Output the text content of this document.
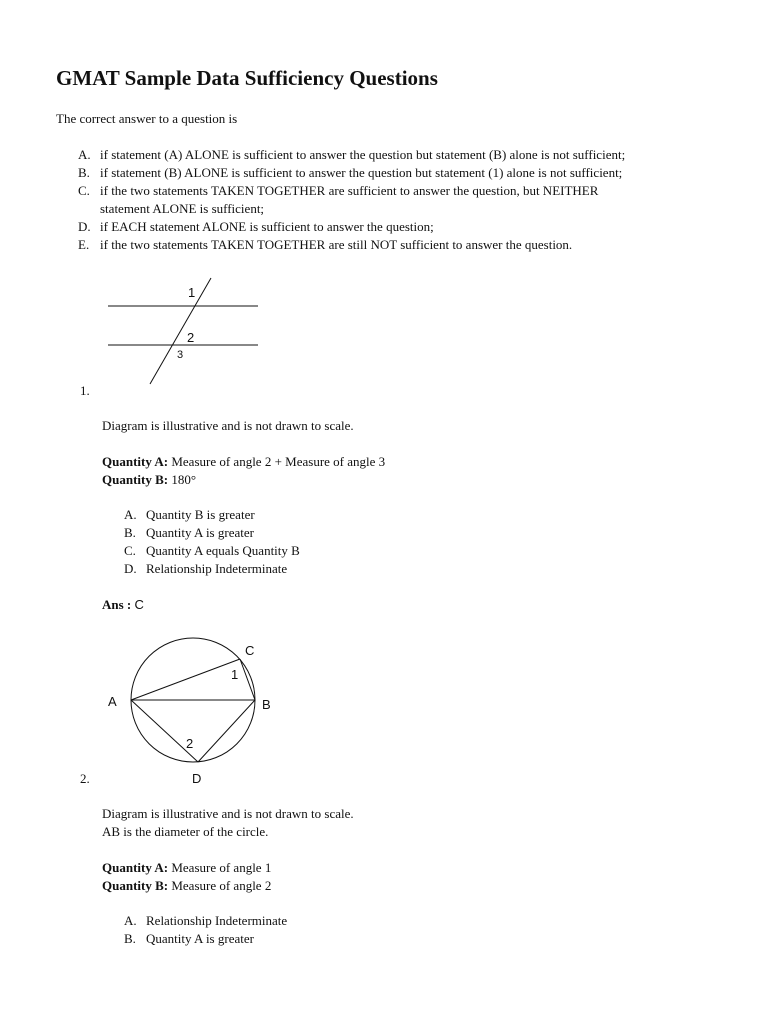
GMAT Sample Data Sufficiency Questions
The correct answer to a question is
A. if statement (A) ALONE is sufficient to answer the question but statement (B) alone is not sufficient;
B. if statement (B) ALONE is sufficient to answer the question but statement (1) alone is not sufficient;
C. if the two statements TAKEN TOGETHER are sufficient to answer the question, but NEITHER
statement ALONE is sufficient;
D. if EACH statement ALONE is sufficient to answer the question;
E. if the two statements TAKEN TOGETHER are still NOT sufficient to answer the question.
1
2
3
1.

Diagram is illustrative and is not drawn to scale.

Quantity A: Measure of angle 2 + Measure of angle 3

Quantity B: 180°

A. Quantity B is greater
B. Quantity A is greater
C. Quantity A equals Quantity B
D. Relationship Indeterminate
Ans : C
A	B
C
D
1
2
2.

Diagram is illustrative and is not drawn to scale.

AB is the diameter of the circle.

Quantity A: Measure of angle 1

Quantity B: Measure of angle 2

A. Relationship Indeterminate
B. Quantity A is greater
